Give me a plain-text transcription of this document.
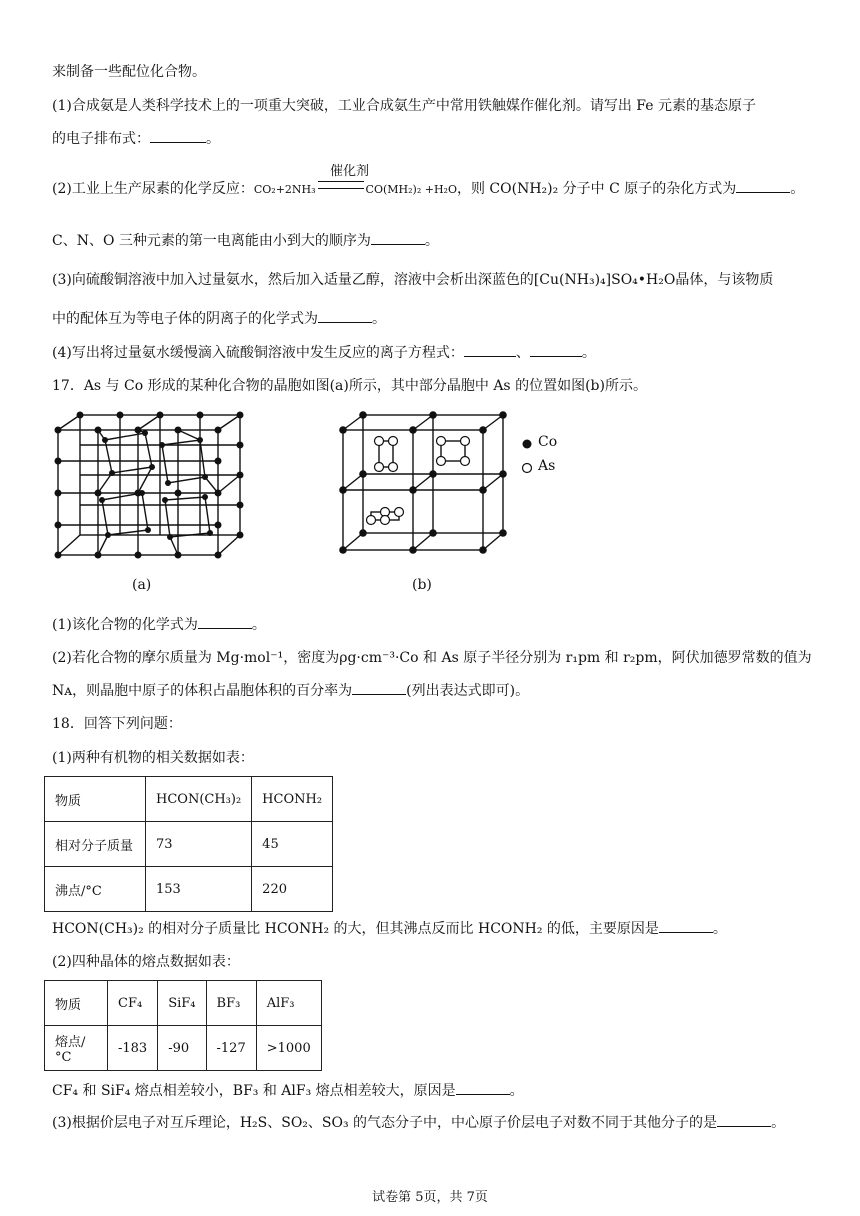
来制备一些配位化合物。
(1)合成氨是人类科学技术上的一项重大突破，工业合成氨生产中常用铁触媒作催化剂。请写出 Fe 元素的基态原子
的电子排布式：	。
(2)工业上生产尿素的化学反应：CO₂+2NH₃	CO(MH₂)₂ +H₂O，则 CO(NH₂)₂ 分子中 C 原子的杂化方式为	。
催化剂
C、N、O 三种元素的第一电离能由小到大的顺序为	。
(3)向硫酸铜溶液中加入过量氨水，然后加入适量乙醇，溶液中会析出深蓝色的[Cu(NH₃)₄]SO₄•H₂O晶体，与该物质
中的配体互为等电子体的阴离子的化学式为	。
(4)写出将过量氨水缓慢滴入硫酸铜溶液中发生反应的离子方程式：	、	。
17．As 与 Co 形成的某种化合物的晶胞如图(a)所示，其中部分晶胞中 As 的位置如图(b)所示。
(a)	(b)
Co
As
(1)该化合物的化学式为	。
(2)若化合物的摩尔质量为 Mg·mol⁻¹，密度为ρg·cm⁻³·Co 和 As 原子半径分别为 r₁pm 和 r₂pm，阿伏加德罗常数的值为
Nᴀ，则晶胞中原子的体积占晶胞体积的百分率为	(列出表达式即可)。
18．回答下列问题：
(1)两种有机物的相关数据如表：
物质	HCON(CH₃)₂	HCONH₂
相对分子质量	73	45
沸点/°C	153	220
HCON(CH₃)₂ 的相对分子质量比 HCONH₂ 的大，但其沸点反而比 HCONH₂ 的低，主要原因是	。
(2)四种晶体的熔点数据如表：
物质	CF₄	SiF₄	BF₃	AlF₃
熔点/°C	-183	-90	-127	>1000
CF₄ 和 SiF₄ 熔点相差较小，BF₃ 和 AlF₃ 熔点相差较大，原因是	。
(3)根据价层电子对互斥理论，H₂S、SO₂、SO₃ 的气态分子中，中心原子价层电子对数不同于其他分子的是	。
试卷第 5页，共 7页
